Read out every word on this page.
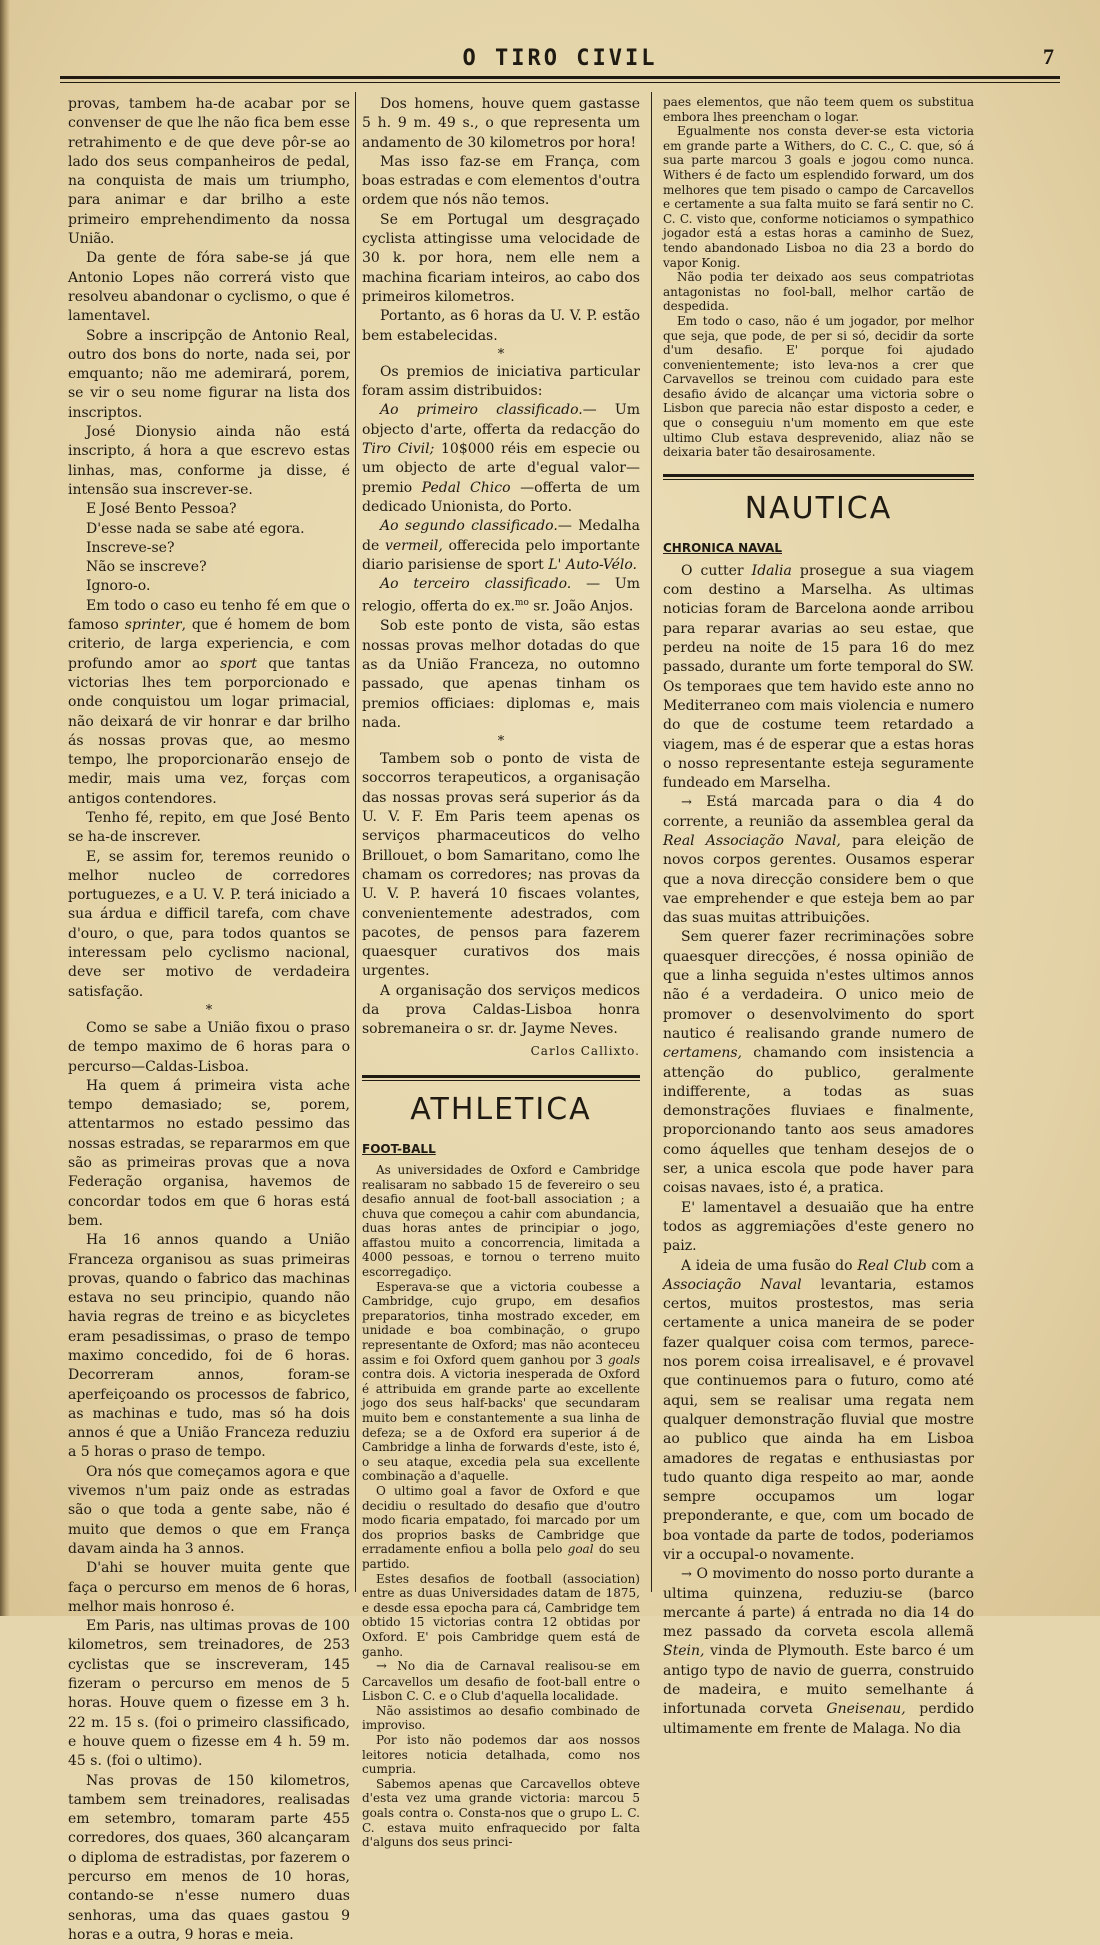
O TIRO CIVIL	7

provas, tambem ha-de acabar por se convenser de que lhe não fica bem esse retrahimento e de que deve pôr-se ao lado dos seus companheiros de pedal, na conquista de mais um triumpho, para animar e dar brilho a este primeiro emprehendimento da nossa União.

Da gente de fóra sabe-se já que Antonio Lopes não correrá visto que resolveu abandonar o cyclismo, o que é lamentavel.

Sobre a inscripção de Antonio Real, outro dos bons do norte, nada sei, por emquanto; não me ademirará, porem, se vir o seu nome figurar na lista dos inscriptos.

José Dionysio ainda não está inscripto, á hora a que escrevo estas linhas, mas, conforme ja disse, é intensão sua inscrever-se.

E José Bento Pessoa?

D'esse nada se sabe até egora.

Inscreve-se?

Não se inscreve?

Ignoro-o.

Em todo o caso eu tenho fé em que o famoso sprinter, que é homem de bom criterio, de larga experiencia, e com profundo amor ao sport que tantas victorias lhes tem porporcionado e onde conquistou um logar primacial, não deixará de vir honrar e dar brilho ás nossas provas que, ao mesmo tempo, lhe proporcionarão ensejo de medir, mais uma vez, forças com antigos contendores.

Tenho fé, repito, em que José Bento se ha-de inscrever.

E, se assim for, teremos reunido o melhor nucleo de corredores portuguezes, e a U. V. P. terá iniciado a sua árdua e difficil tarefa, com chave d'ouro, o que, para todos quantos se interessam pelo cyclismo nacional, deve ser motivo de verdadeira satisfação.

*

Como se sabe a União fixou o praso de tempo maximo de 6 horas para o percurso—Caldas-Lisboa.

Ha quem á primeira vista ache tempo demasiado; se, porem, attentarmos no estado pessimo das nossas estradas, se repararmos em que são as primeiras provas que a nova Federação organisa, havemos de concordar todos em que 6 horas está bem.

Ha 16 annos quando a União Franceza organisou as suas primeiras provas, quando o fabrico das machinas estava no seu principio, quando não havia regras de treino e as bicycletes eram pesadissimas, o praso de tempo maximo concedido, foi de 6 horas. Decorreram annos, foram-se aperfeiçoando os processos de fabrico, as machinas e tudo, mas só ha dois annos é que a União Franceza reduziu a 5 horas o praso de tempo.

Ora nós que começamos agora e que vivemos n'um paiz onde as estradas são o que toda a gente sabe, não é muito que demos o que em França davam ainda ha 3 annos.

D'ahi se houver muita gente que faça o percurso em menos de 6 horas, melhor mais honroso é.

Em Paris, nas ultimas provas de 100 kilometros, sem treinadores, de 253 cyclistas que se inscreveram, 145 fizeram o percurso em menos de 5 horas. Houve quem o fizesse em 3 h. 22 m. 15 s. (foi o primeiro classificado, e houve quem o fizesse em 4 h. 59 m. 45 s. (foi o ultimo).

Nas provas de 150 kilometros, tambem sem treinadores, realisadas em setembro, tomaram parte 455 corredores, dos quaes, 360 alcançaram o diploma de estradistas, por fazerem o percurso em menos de 10 horas, contando-se n'esse numero duas senhoras, uma das quaes gastou 9 horas e a outra, 9 horas e meia.

Dos homens, houve quem gastasse 5 h. 9 m. 49 s., o que representa um andamento de 30 kilometros por hora!

Mas isso faz-se em França, com boas estradas e com elementos d'outra ordem que nós não temos.

Se em Portugal um desgraçado cyclista attingisse uma velocidade de 30 k. por hora, nem elle nem a machina ficariam inteiros, ao cabo dos primeiros kilometros.

Portanto, as 6 horas da U. V. P. estão bem estabelecidas.

*

Os premios de iniciativa particular foram assim distribuidos:

Ao primeiro classificado.— Um objecto d'arte, offerta da redacção do Tiro Civil; 10$000 réis em especie ou um objecto de arte d'egual valor— premio Pedal Chico —offerta de um dedicado Unionista, do Porto.

Ao segundo classificado.— Medalha de vermeil, offerecida pelo importante diario parisiense de sport L' Auto-Vélo.

Ao terceiro classificado. — Um relogio, offerta do ex.$^{mo}$ sr. João Anjos.

Sob este ponto de vista, são estas nossas provas melhor dotadas do que as da União Franceza, no outomno passado, que apenas tinham os premios officiaes: diplomas e, mais nada.

*

Tambem sob o ponto de vista de soccorros terapeuticos, a organisação das nossas provas será superior ás da U. V. F. Em Paris teem apenas os serviços pharmaceuticos do velho Brillouet, o bom Samaritano, como lhe chamam os corredores; nas provas da U. V. P. haverá 10 fiscaes volantes, convenientemente adestrados, com pacotes, de pensos para fazerem quaesquer curativos dos mais urgentes.

A organisação dos serviços medicos da prova Caldas-Lisboa honra sobremaneira o sr. dr. Jayme Neves.

Carlos Callixto.
ATHLETICA
FOOT-BALL

As universidades de Oxford e Cambridge realisaram no sabbado 15 de fevereiro o seu desafio annual de foot-ball association ; a chuva que começou a cahir com abundancia, duas horas antes de principiar o jogo, affastou muito a concorrencia, limitada a 4000 pessoas, e tornou o terreno muito escorregadiço.

Esperava-se que a victoria coubesse a Cambridge, cujo grupo, em desafios preparatorios, tinha mostrado exceder, em unidade e boa combinação, o grupo representante de Oxford; mas não aconteceu assim e foi Oxford quem ganhou por 3 goals contra dois. A victoria inesperada de Oxford é attribuida em grande parte ao excellente jogo dos seus half-backs' que secundaram muito bem e constantemente a sua linha de defeza; se a de Oxford era superior á de Cambridge a linha de forwards d'este, isto é, o seu ataque, excedia pela sua excellente combinação a d'aquelle.

O ultimo goal a favor de Oxford e que decidiu o resultado do desafio que d'outro modo ficaria empatado, foi marcado por um dos proprios basks de Cambridge que erradamente enfiou a bolla pelo goal do seu partido.

Estes desafios de football (association) entre as duas Universidades datam de 1875, e desde essa epocha para cá, Cambridge tem obtido 15 victorias contra 12 obtidas por Oxford. E' pois Cambridge quem está de ganho.

→ No dia de Carnaval realisou-se em Carcavellos um desafio de foot-ball entre o Lisbon C. C. e o Club d'aquella localidade.

Não assistimos ao desafio combinado de improviso.

Por isto não podemos dar aos nossos leitores noticia detalhada, como nos cumpria.

Sabemos apenas que Carcavellos obteve d'esta vez uma grande victoria: marcou 5 goals contra o. Consta-nos que o grupo L. C. C. estava muito enfraquecido por falta d'alguns dos seus princi-

paes elementos, que não teem quem os substitua embora lhes preencham o logar.

Egualmente nos consta dever-se esta victoria em grande parte a Withers, do C. C., C. que, só á sua parte marcou 3 goals e jogou como nunca. Withers é de facto um esplendido forward, um dos melhores que tem pisado o campo de Carcavellos e certamente a sua falta muito se fará sentir no C. C. C. visto que, conforme noticiamos o sympathico jogador está a estas horas a caminho de Suez, tendo abandonado Lisboa no dia 23 a bordo do vapor Konig.

Não podia ter deixado aos seus compatriotas antagonistas no fool-ball, melhor cartão de despedida.

Em todo o caso, não é um jogador, por melhor que seja, que pode, de per si só, decidir da sorte d'um desafio. E' porque foi ajudado convenientemente; isto leva-nos a crer que Carvavellos se treinou com cuidado para este desafio ávido de alcançar uma victoria sobre o Lisbon que parecia não estar disposto a ceder, e que o conseguiu n'um momento em que este ultimo Club estava desprevenido, aliaz não se deixaria bater tão desairosamente.

NAUTICA
CHRONICA NAVAL

O cutter Idalia prosegue a sua viagem com destino a Marselha. As ultimas noticias foram de Barcelona aonde arribou para reparar avarias ao seu estae, que perdeu na noite de 15 para 16 do mez passado, durante um forte temporal do SW. Os temporaes que tem havido este anno no Mediterraneo com mais violencia e numero do que de costume teem retardado a viagem, mas é de esperar que a estas horas o nosso representante esteja seguramente fundeado em Marselha.

→ Está marcada para o dia 4 do corrente, a reunião da assemblea geral da Real Associação Naval, para eleição de novos corpos gerentes. Ousamos esperar que a nova direcção considere bem o que vae emprehender e que esteja bem ao par das suas muitas attribuições.

Sem querer fazer recriminações sobre quaesquer direcções, é nossa opinião de que a linha seguida n'estes ultimos annos não é a verdadeira. O unico meio de promover o desenvolvimento do sport nautico é realisando grande numero de certamens, chamando com insistencia a attenção do publico, geralmente indifferente, a todas as suas demonstrações fluviaes e finalmente, proporcionando tanto aos seus amadores como áquelles que tenham desejos de o ser, a unica escola que pode haver para coisas navaes, isto é, a pratica.

E' lamentavel a desuaião que ha entre todos as aggremiações d'este genero no paiz.

A ideia de uma fusão do Real Club com a Associação Naval levantaria, estamos certos, muitos prostestos, mas seria certamente a unica maneira de se poder fazer qualquer coisa com termos, parece-nos porem coisa irrealisavel, e é provavel que continuemos para o futuro, como até aqui, sem se realisar uma regata nem qualquer demonstração fluvial que mostre ao publico que ainda ha em Lisboa amadores de regatas e enthusiastas por tudo quanto diga respeito ao mar, aonde sempre occupamos um logar preponderante, e que, com um bocado de boa vontade da parte de todos, poderiamos vir a occupal-o novamente.

→ O movimento do nosso porto durante a ultima quinzena, reduziu-se (barco mercante á parte) á entrada no dia 14 do mez passado da corveta escola allemã Stein, vinda de Plymouth. Este barco é um antigo typo de navio de guerra, construido de madeira, e muito semelhante á infortunada corveta Gneisenau, perdido ultimamente em frente de Malaga. No dia
